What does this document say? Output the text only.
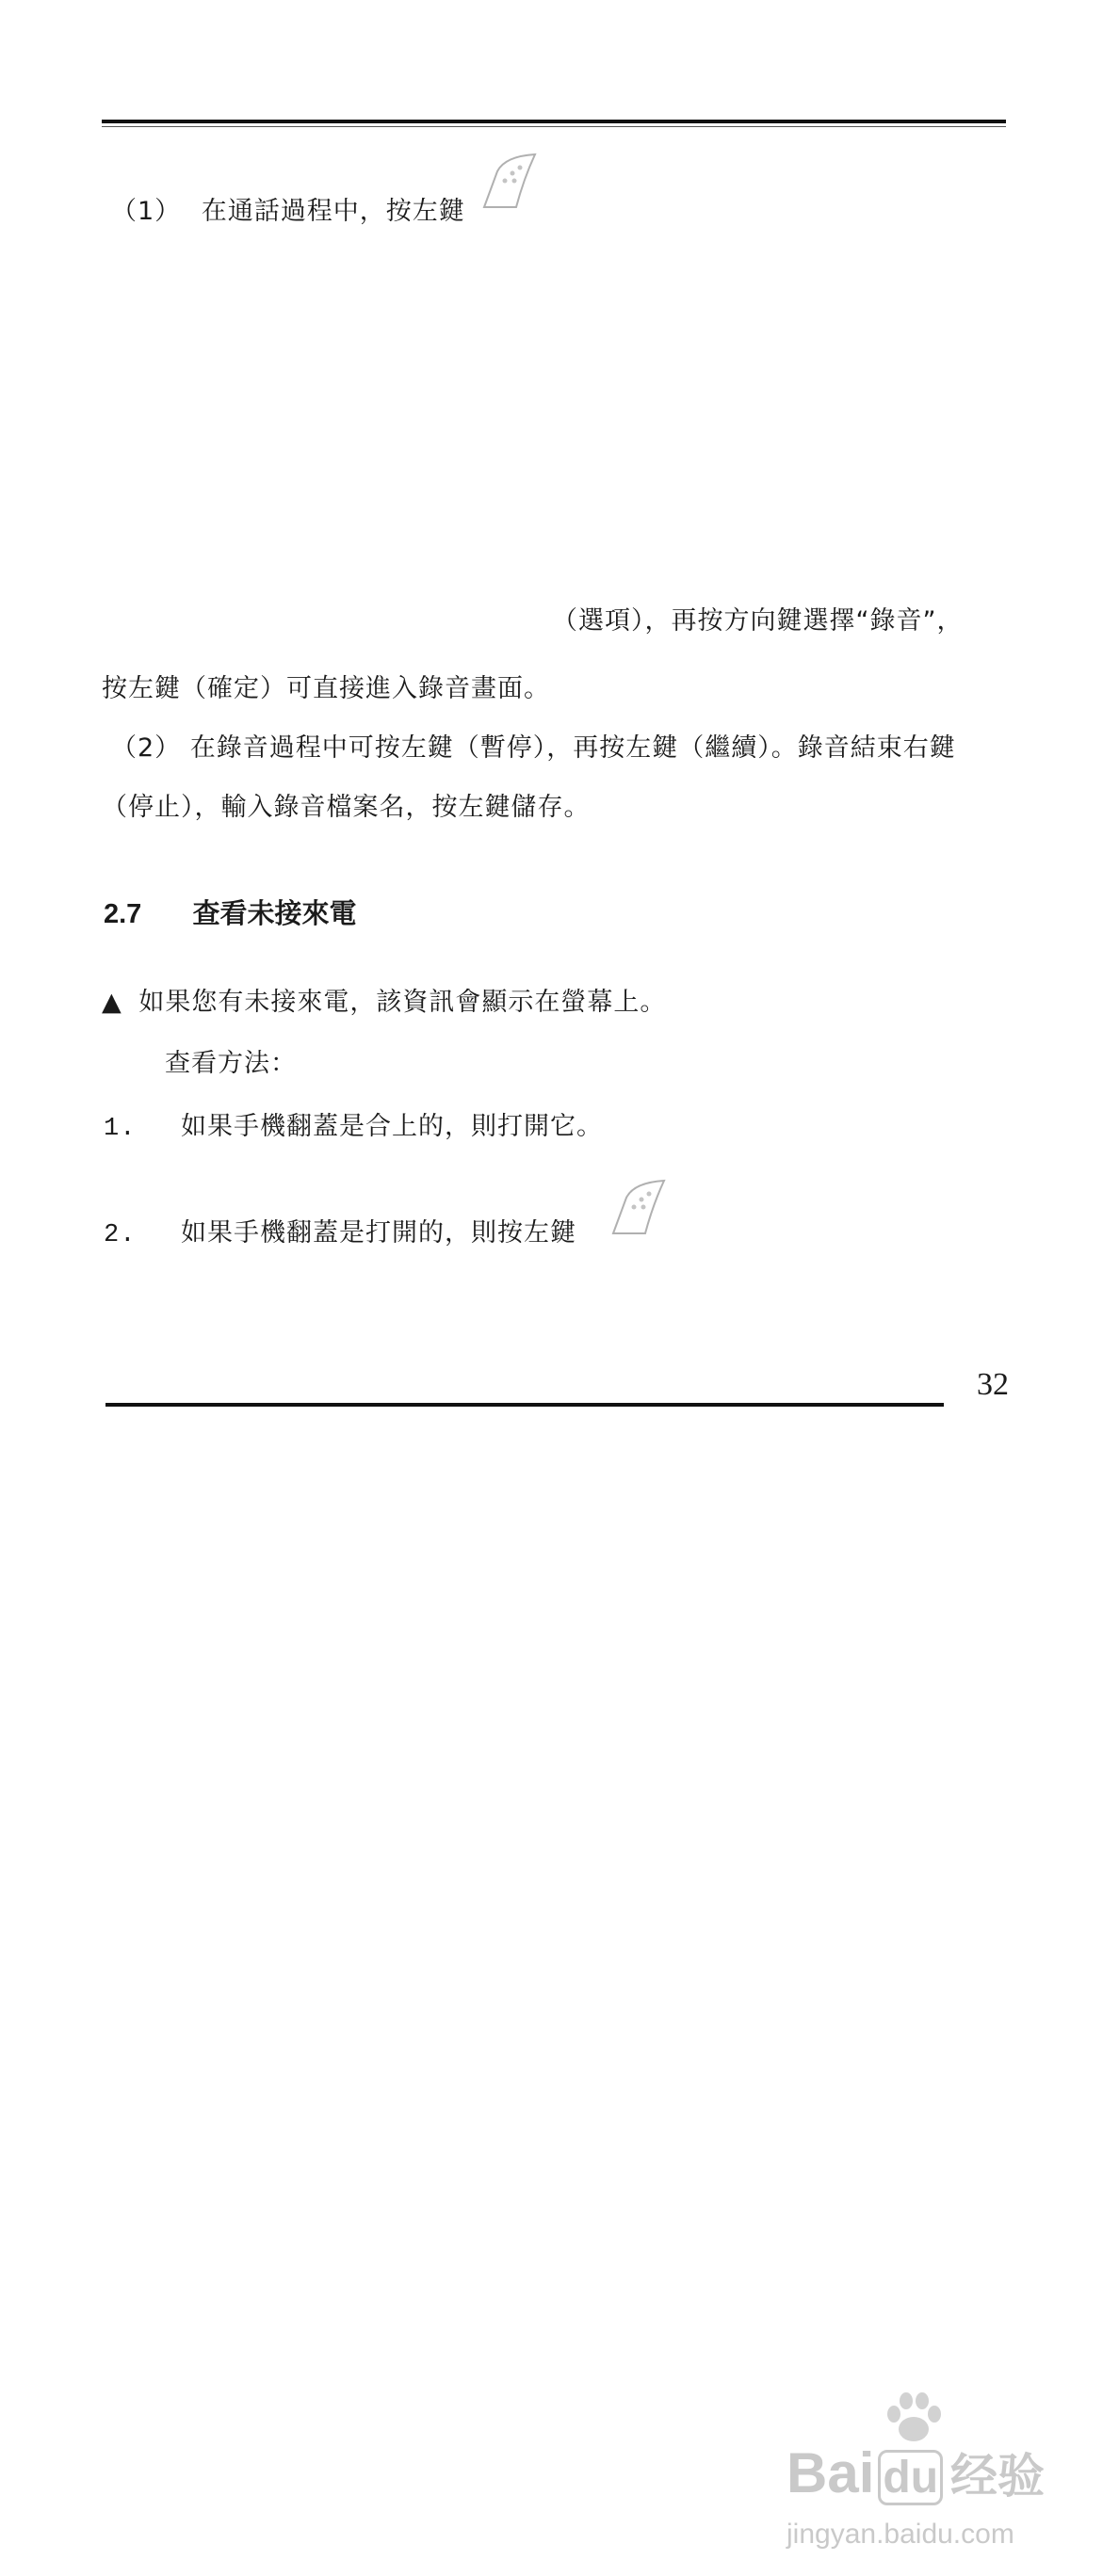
（1） 在通話過程中，按左鍵
（選項），再按方向鍵選擇“錄音”，
按左鍵（確定）可直接進入錄音畫面。
（2） 在錄音過程中可按左鍵（暫停），再按左鍵（繼續）。錄音結束右鍵
（停止），輸入錄音檔案名，按左鍵儲存。
2.7 查看未接來電
▲ 如果您有未接來電，該資訊會顯示在螢幕上。
查看方法：
1. 如果手機翻蓋是合上的，則打開它。
2. 如果手機翻蓋是打開的，則按左鍵
32
Bai du 经验
jingyan.baidu.com
